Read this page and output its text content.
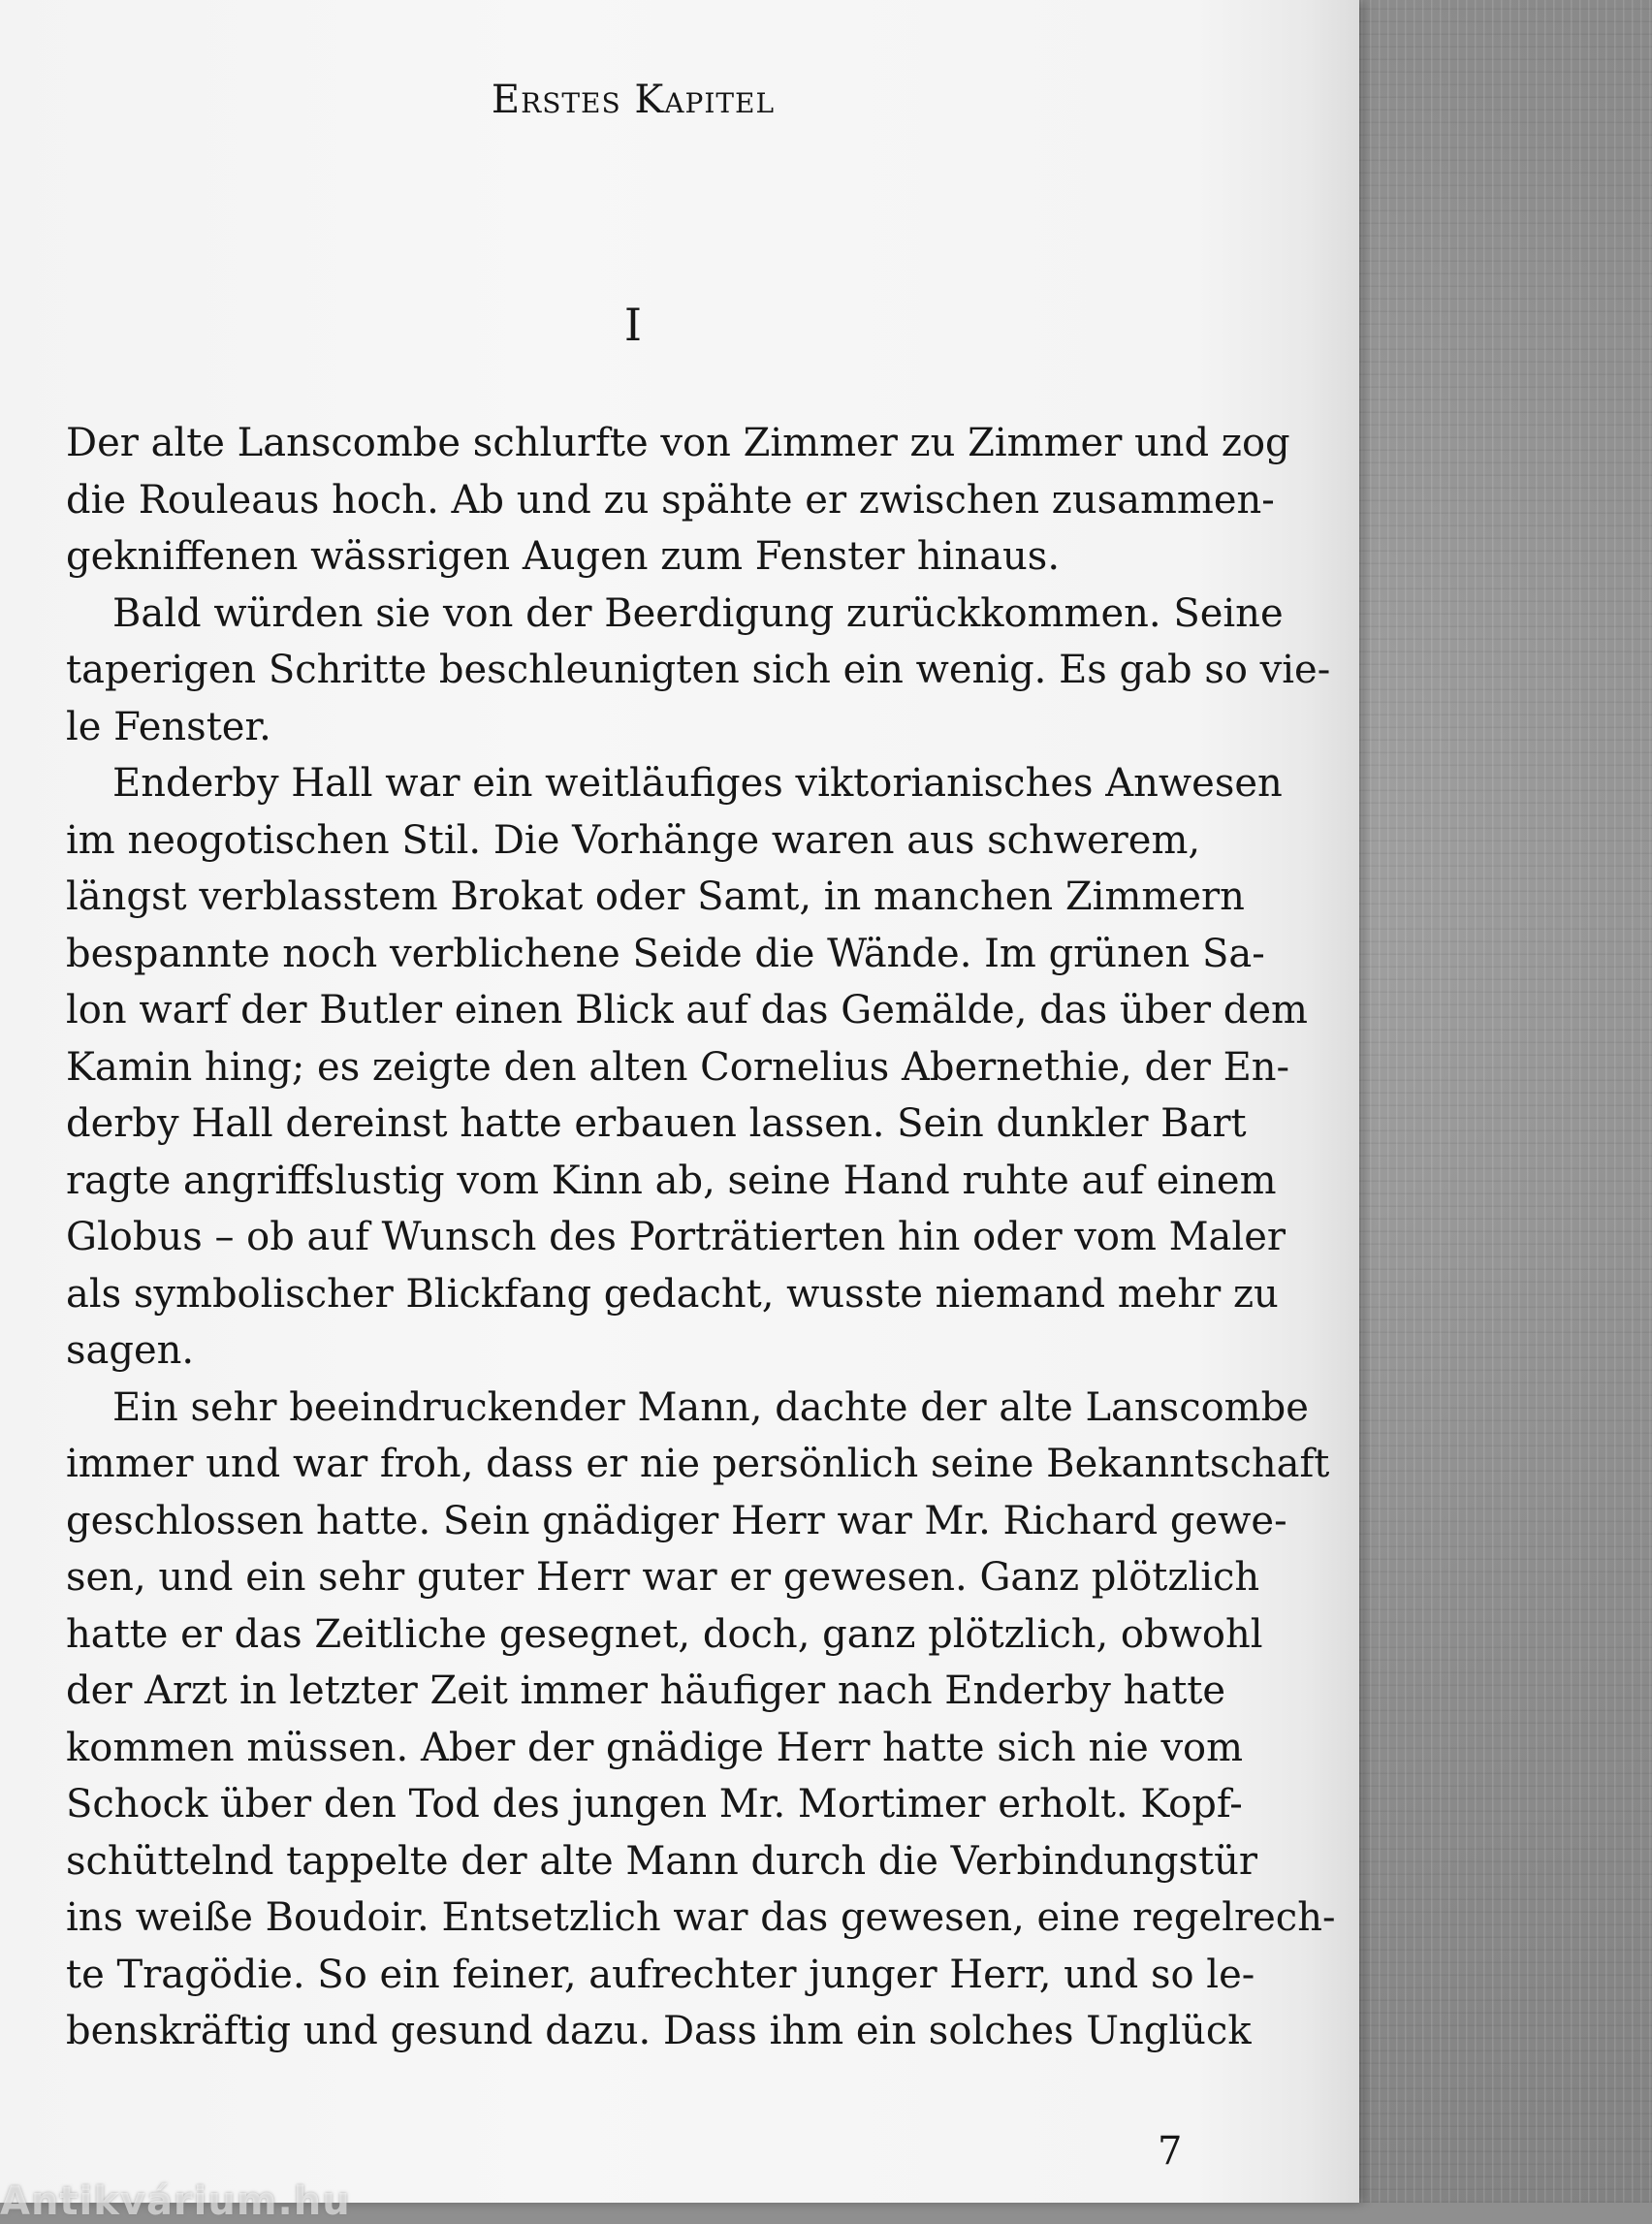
Erstes Kapitel
I
Der alte Lanscombe schlurfte von Zimmer zu Zimmer und zog
die Rouleaus hoch. Ab und zu spähte er zwischen zusammen-
gekniffenen wässrigen Augen zum Fenster hinaus.
Bald würden sie von der Beerdigung zurückkommen. Seine
taperigen Schritte beschleunigten sich ein wenig. Es gab so vie-
le Fenster.
Enderby Hall war ein weitläufiges viktorianisches Anwesen
im neogotischen Stil. Die Vorhänge waren aus schwerem,
längst verblasstem Brokat oder Samt, in manchen Zimmern
bespannte noch verblichene Seide die Wände. Im grünen Sa-
lon warf der Butler einen Blick auf das Gemälde, das über dem
Kamin hing; es zeigte den alten Cornelius Abernethie, der En-
derby Hall dereinst hatte erbauen lassen. Sein dunkler Bart
ragte angriffslustig vom Kinn ab, seine Hand ruhte auf einem
Globus – ob auf Wunsch des Porträtierten hin oder vom Maler
als symbolischer Blickfang gedacht, wusste niemand mehr zu
sagen.
Ein sehr beeindruckender Mann, dachte der alte Lanscombe
immer und war froh, dass er nie persönlich seine Bekanntschaft
geschlossen hatte. Sein gnädiger Herr war Mr. Richard gewe-
sen, und ein sehr guter Herr war er gewesen. Ganz plötzlich
hatte er das Zeitliche gesegnet, doch, ganz plötzlich, obwohl
der Arzt in letzter Zeit immer häufiger nach Enderby hatte
kommen müssen. Aber der gnädige Herr hatte sich nie vom
Schock über den Tod des jungen Mr. Mortimer erholt. Kopf-
schüttelnd tappelte der alte Mann durch die Verbindungstür
ins weiße Boudoir. Entsetzlich war das gewesen, eine regelrech-
te Tragödie. So ein feiner, aufrechter junger Herr, und so le-
benskräftig und gesund dazu. Dass ihm ein solches Unglück
7
Antikvárium.hu
